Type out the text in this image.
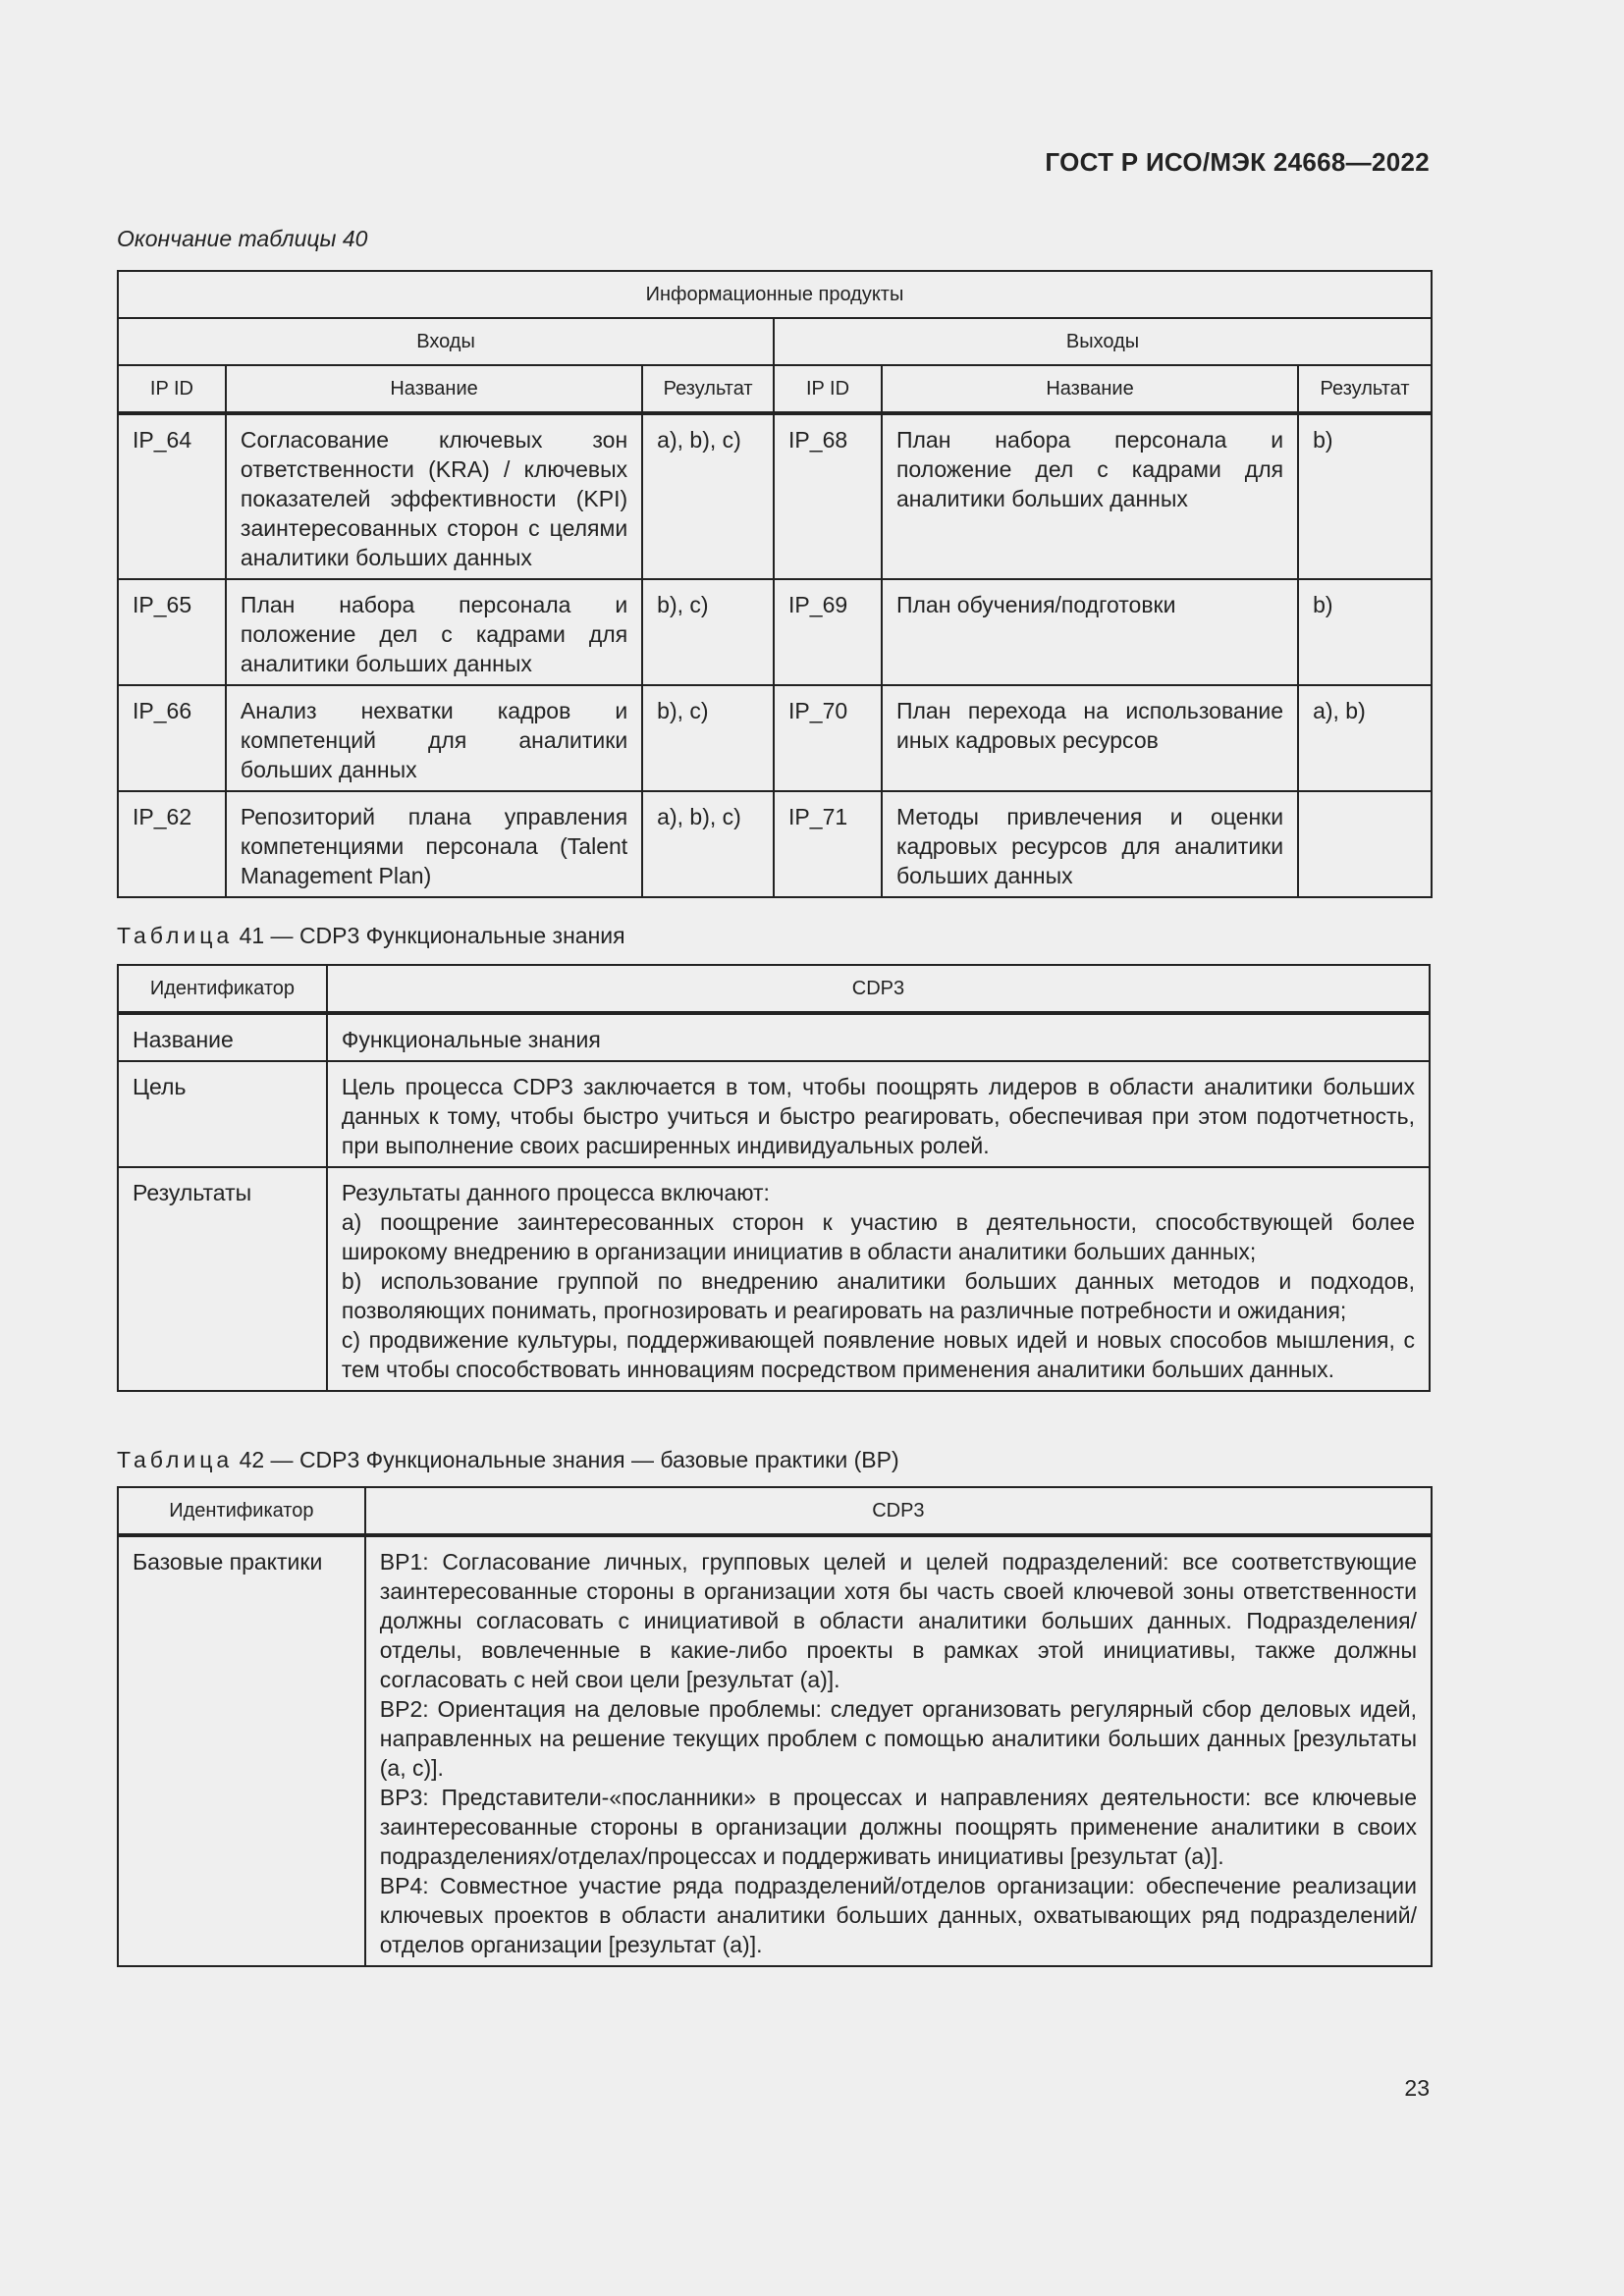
ГОСТ Р ИСО/МЭК 24668—2022
Окончание таблицы 40
Информационные продукты					
Входы			Выходы		
IP ID	Название	Результат	IP ID	Название	Результат
IP_64	Согласование ключевых зон ответственности (KRA) / ключевых показателей эффективности (KPI) заинтересованных сторон с целями аналитики больших данных	a), b), c)	IP_68	План набора персонала и положение дел с кадрами для аналитики больших данных	b)
IP_65	План набора персонала и положение дел с кадрами для аналитики больших данных	b), c)	IP_69	План обучения/подготовки	b)
IP_66	Анализ нехватки кадров и компетенций для аналитики больших данных	b), c)	IP_70	План перехода на использование иных кадровых ресурсов	a), b)
IP_62	Репозиторий плана управления компетенциями персонала (Talent Management Plan)	a), b), c)	IP_71	Методы привлечения и оценки кадровых ресурсов для аналитики больших данных	
Таблица 41 — CDP3 Функциональные знания
Идентификатор	CDP3
Название	Функциональные знания
Цель	Цель процесса CDP3 заключается в том, чтобы поощрять лидеров в области аналитики больших данных к тому, чтобы быстро учиться и быстро реагировать, обеспечивая при этом подотчетность, при выполнение своих расширенных индивидуальных ролей.
Результаты	Результаты данного процесса включают:
a) поощрение заинтересованных сторон к участию в деятельности, способствующей более широкому внедрению в организации инициатив в области аналитики больших данных;
b) использование группой по внедрению аналитики больших данных методов и подходов, позволяющих понимать, прогнозировать и реагировать на различные потребности и ожидания;
c) продвижение культуры, поддерживающей появление новых идей и новых способов мышления, с тем чтобы способствовать инновациям посредством применения аналитики больших данных.
Таблица 42 — CDP3 Функциональные знания — базовые практики (BP)
Идентификатор	CDP3
Базовые практики	BP1: Согласование личных, групповых целей и целей подразделений: все соответствующие заинтересованные стороны в организации хотя бы часть своей ключевой зоны ответственности должны согласовать с инициативой в области аналитики больших данных. Подразделения/отделы, вовлеченные в какие-либо проекты в рамках этой инициативы, также должны согласовать с ней свои цели [результат (a)].
BP2: Ориентация на деловые проблемы: следует организовать регулярный сбор деловых идей, направленных на решение текущих проблем с помощью аналитики больших данных [результаты (a, c)].
BP3: Представители-«посланники» в процессах и направлениях деятельности: все ключевые заинтересованные стороны в организации должны поощрять применение аналитики в своих подразделениях/отделах/процессах и поддерживать инициативы [результат (a)].
BP4: Совместное участие ряда подразделений/отделов организации: обеспечение реализации ключевых проектов в области аналитики больших данных, охватывающих ряд подразделений/отделов организации [результат (a)].
23
